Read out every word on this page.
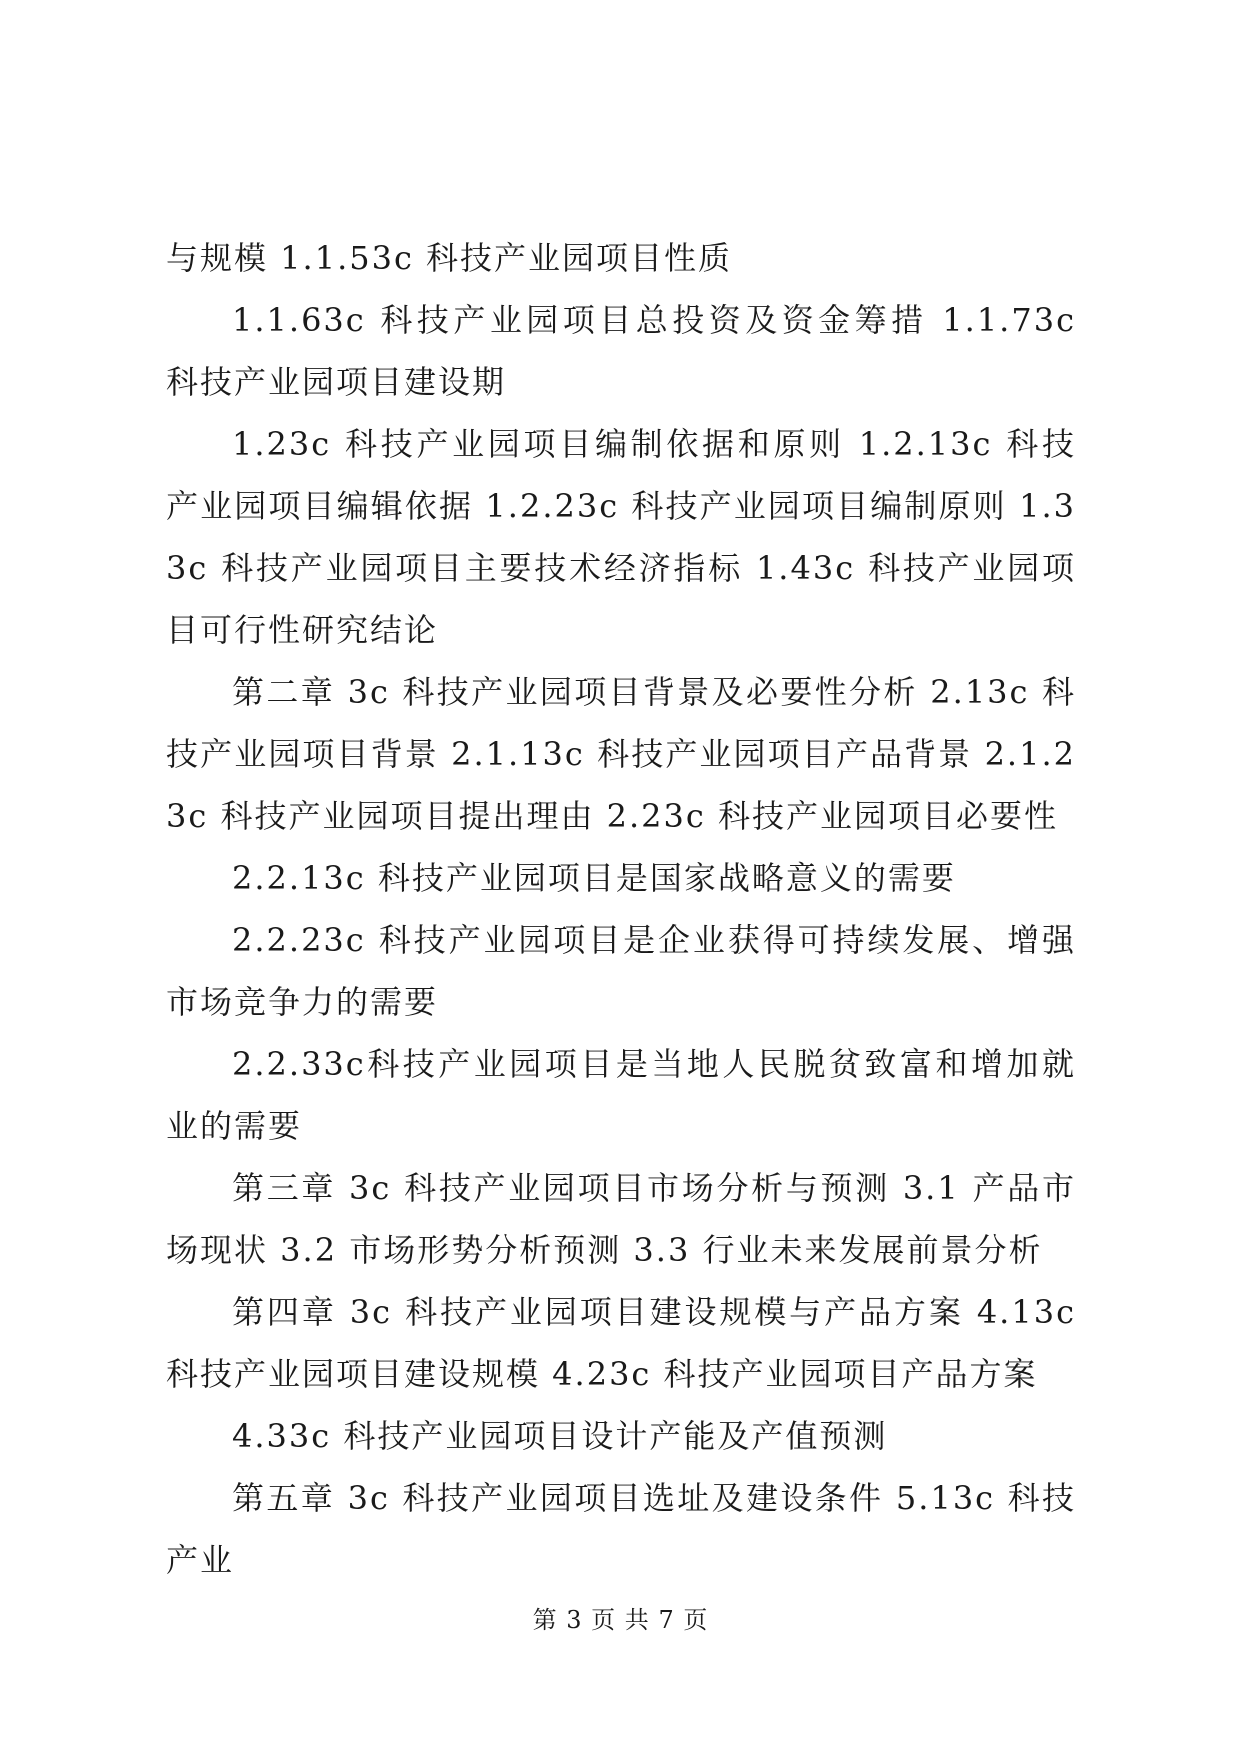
与规模 1.1.53c 科技产业园项目性质

1.1.63c 科技产业园项目总投资及资金筹措 1.1.73c 科技产业园项目建设期

1.23c 科技产业园项目编制依据和原则 1.2.13c 科技产业园项目编辑依据 1.2.23c 科技产业园项目编制原则 1.33c 科技产业园项目主要技术经济指标 1.43c 科技产业园项目可行性研究结论

第二章 3c 科技产业园项目背景及必要性分析 2.13c 科技产业园项目背景 2.1.13c 科技产业园项目产品背景 2.1.23c 科技产业园项目提出理由 2.23c 科技产业园项目必要性

2.2.13c 科技产业园项目是国家战略意义的需要

2.2.23c 科技产业园项目是企业获得可持续发展、增强市场竞争力的需要

2.2.33c科技产业园项目是当地人民脱贫致富和增加就业的需要

第三章 3c 科技产业园项目市场分析与预测 3.1 产品市场现状 3.2 市场形势分析预测 3.3 行业未来发展前景分析

第四章 3c 科技产业园项目建设规模与产品方案 4.13c 科技产业园项目建设规模 4.23c 科技产业园项目产品方案

4.33c 科技产业园项目设计产能及产值预测

第五章 3c 科技产业园项目选址及建设条件 5.13c 科技产业

第 3 页 共 7 页
